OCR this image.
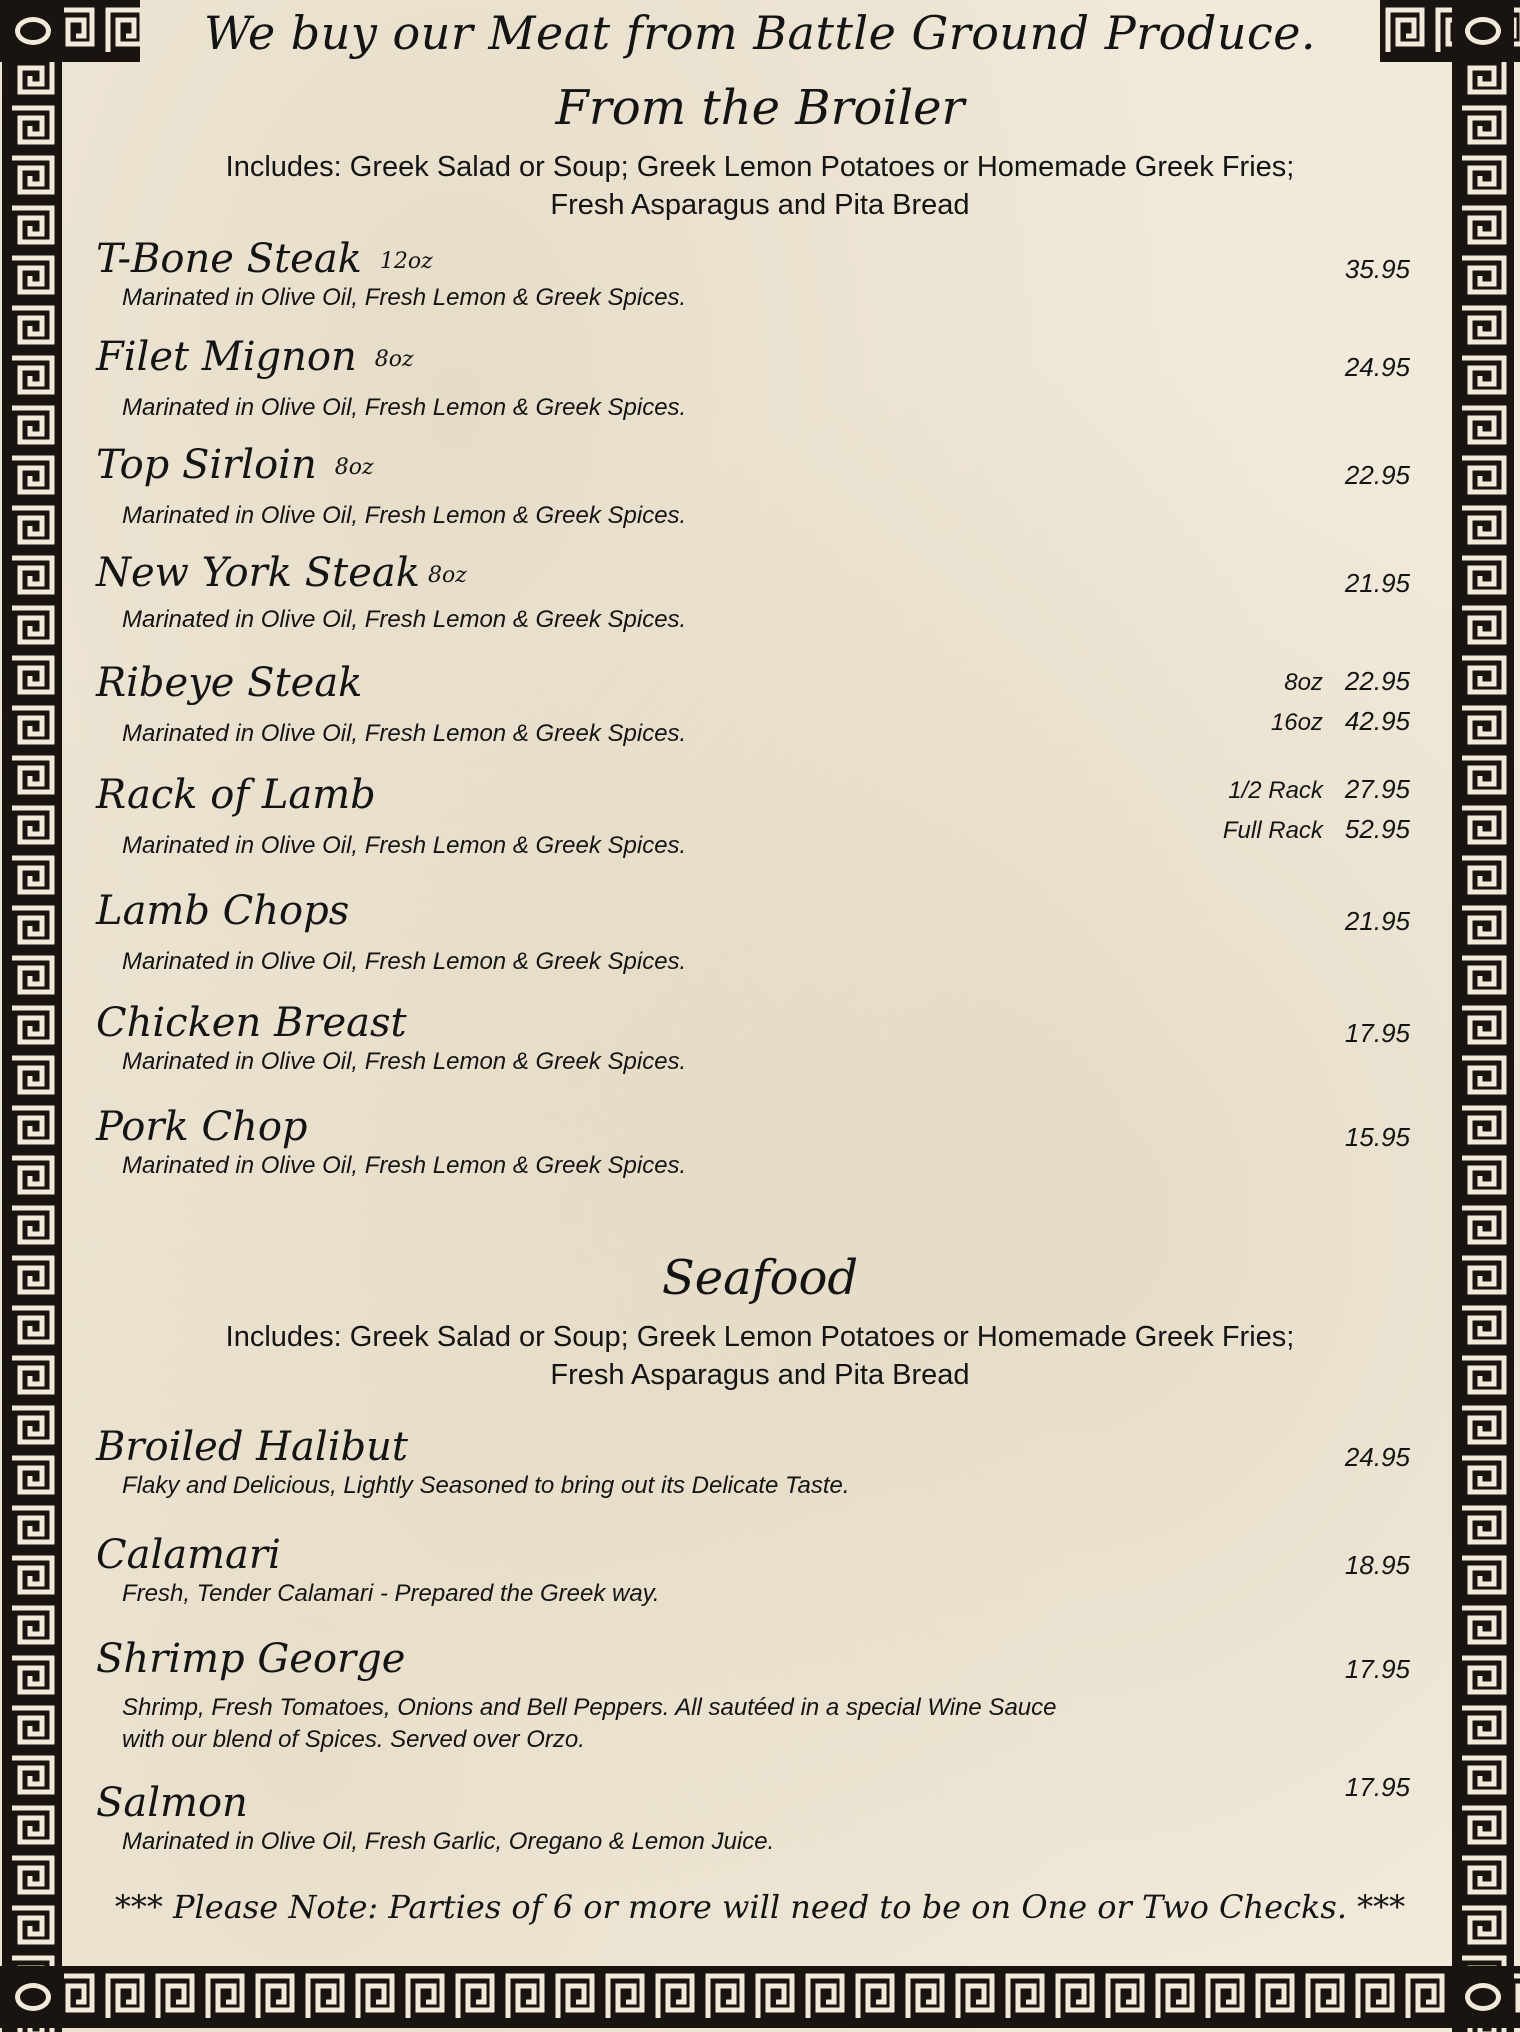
We buy our Meat from Battle Ground Produce.
From the Broiler
Includes: Greek Salad or Soup; Greek Lemon Potatoes or Homemade Greek Fries;
Fresh Asparagus and Pita Bread
T-Bone Steak 12oz
Marinated in Olive Oil, Fresh Lemon & Greek Spices.
35.95
Filet Mignon 8oz
Marinated in Olive Oil, Fresh Lemon & Greek Spices.
24.95
Top Sirloin 8oz
Marinated in Olive Oil, Fresh Lemon & Greek Spices.
22.95
New York Steak 8oz
Marinated in Olive Oil, Fresh Lemon & Greek Spices.
21.95
Ribeye Steak
Marinated in Olive Oil, Fresh Lemon & Greek Spices.
8oz 22.95
16oz 42.95
Rack of Lamb
Marinated in Olive Oil, Fresh Lemon & Greek Spices.
1/2 Rack 27.95
Full Rack 52.95
Lamb Chops
Marinated in Olive Oil, Fresh Lemon & Greek Spices.
21.95
Chicken Breast
Marinated in Olive Oil, Fresh Lemon & Greek Spices.
17.95
Pork Chop
Marinated in Olive Oil, Fresh Lemon & Greek Spices.
15.95
Seafood
Includes: Greek Salad or Soup; Greek Lemon Potatoes or Homemade Greek Fries;
Fresh Asparagus and Pita Bread
Broiled Halibut
Flaky and Delicious, Lightly Seasoned to bring out its Delicate Taste.
24.95
Calamari
Fresh, Tender Calamari - Prepared the Greek way.
18.95
Shrimp George
Shrimp, Fresh Tomatoes, Onions and Bell Peppers. All sautéed in a special Wine Sauce
with our blend of Spices. Served over Orzo.
17.95
Salmon
Marinated in Olive Oil, Fresh Garlic, Oregano & Lemon Juice.
17.95
*** Please Note: Parties of 6 or more will need to be on One or Two Checks. ***
